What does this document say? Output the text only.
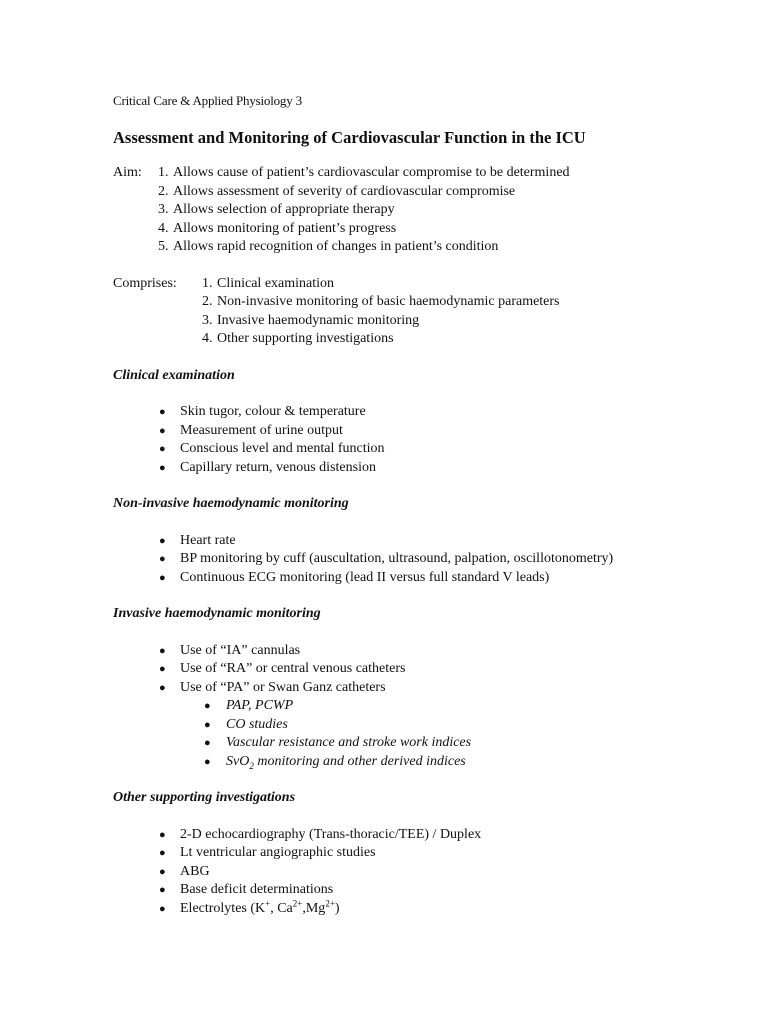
Critical Care & Applied Physiology 3
Assessment and Monitoring of Cardiovascular Function in the ICU
Aim:	1. Allows cause of patient’s cardiovascular compromise to be determined
2. Allows assessment of severity of cardiovascular compromise
3. Allows selection of appropriate therapy
4. Allows monitoring of patient’s progress
5. Allows rapid recognition of changes in patient’s condition
Comprises:	1. Clinical examination
2. Non-invasive monitoring of basic haemodynamic parameters
3. Invasive haemodynamic monitoring
4. Other supporting investigations
Clinical examination
●	Skin tugor, colour & temperature
●	Measurement of urine output
●	Conscious level and mental function
●	Capillary return, venous distension
Non-invasive haemodynamic monitoring
●	Heart rate
●	BP monitoring by cuff (auscultation, ultrasound, palpation, oscillotonometry)
●	Continuous ECG monitoring (lead II versus full standard V leads)
Invasive haemodynamic monitoring
●	Use of “IA” cannulas
●	Use of “RA” or central venous catheters
●	Use of “PA” or Swan Ganz catheters
●	PAP, PCWP
●	CO studies
●	Vascular resistance and stroke work indices
●	SvO$_2$ monitoring and other derived indices
Other supporting investigations
●	2-D echocardiography (Trans-thoracic/TEE) / Duplex
●	Lt ventricular angiographic studies
●	ABG
●	Base deficit determinations
●	Electrolytes (K+, $Ca^{2+},Mg^{2+}$)
